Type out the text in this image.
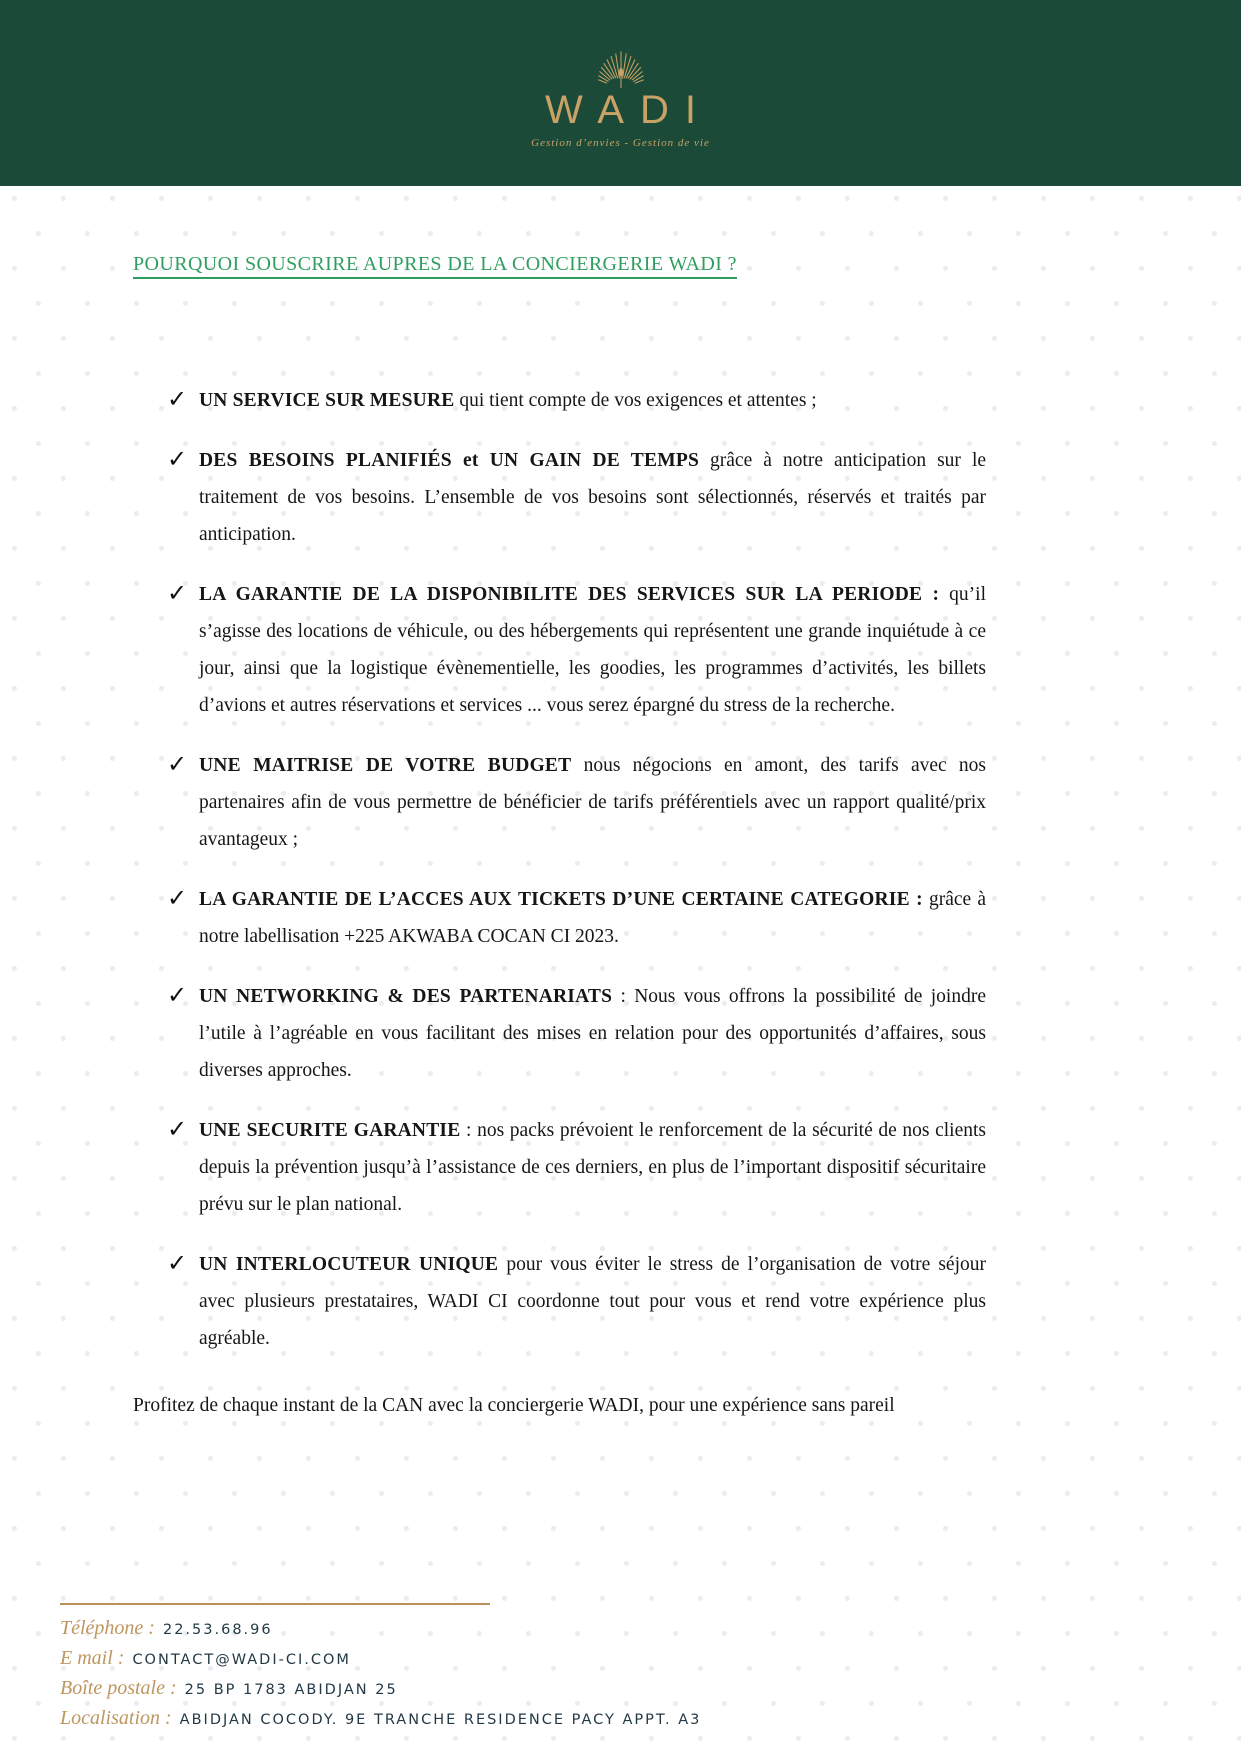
WADI
Gestion d’envies - Gestion de vie
POURQUOI SOUSCRIRE AUPRES DE LA CONCIERGERIE WADI ?
✓ UN SERVICE SUR MESURE qui tient compte de vos exigences et attentes ;

✓ DES BESOINS PLANIFIÉS et UN GAIN DE TEMPS grâce à notre anticipation sur le traitement de vos besoins. L’ensemble de vos besoins sont sélectionnés, réservés et traités par anticipation.

✓ LA GARANTIE DE LA DISPONIBILITE DES SERVICES SUR LA PERIODE : qu’il s’agisse des locations de véhicule, ou des hébergements qui représentent une grande inquiétude à ce jour, ainsi que la logistique évènementielle, les goodies, les programmes d’activités, les billets d’avions et autres réservations et services ... vous serez épargné du stress de la recherche.

✓ UNE MAITRISE DE VOTRE BUDGET nous négocions en amont, des tarifs avec nos partenaires afin de vous permettre de bénéficier de tarifs préférentiels avec un rapport qualité/prix avantageux ;

✓ LA GARANTIE DE L’ACCES AUX TICKETS D’UNE CERTAINE CATEGORIE : grâce à notre labellisation +225 AKWABA COCAN CI 2023.

✓ UN NETWORKING & DES PARTENARIATS : Nous vous offrons la possibilité de joindre l’utile à l’agréable en vous facilitant des mises en relation pour des opportunités d’affaires, sous diverses approches.

✓ UNE SECURITE GARANTIE : nos packs prévoient le renforcement de la sécurité de nos clients depuis la prévention jusqu’à l’assistance de ces derniers, en plus de l’important dispositif sécuritaire prévu sur le plan national.

✓ UN INTERLOCUTEUR UNIQUE pour vous éviter le stress de l’organisation de votre séjour avec plusieurs prestataires, WADI CI coordonne tout pour vous et rend votre expérience plus agréable.

Profitez de chaque instant de la CAN avec la conciergerie WADI, pour une expérience sans pareil

Téléphone : 22.53.68.96
E mail : CONTACT@WADI-CI.COM
Boîte postale : 25 BP 1783 ABIDJAN 25
Localisation : ABIDJAN COCODY. 9E TRANCHE RESIDENCE PACY APPT. A3
